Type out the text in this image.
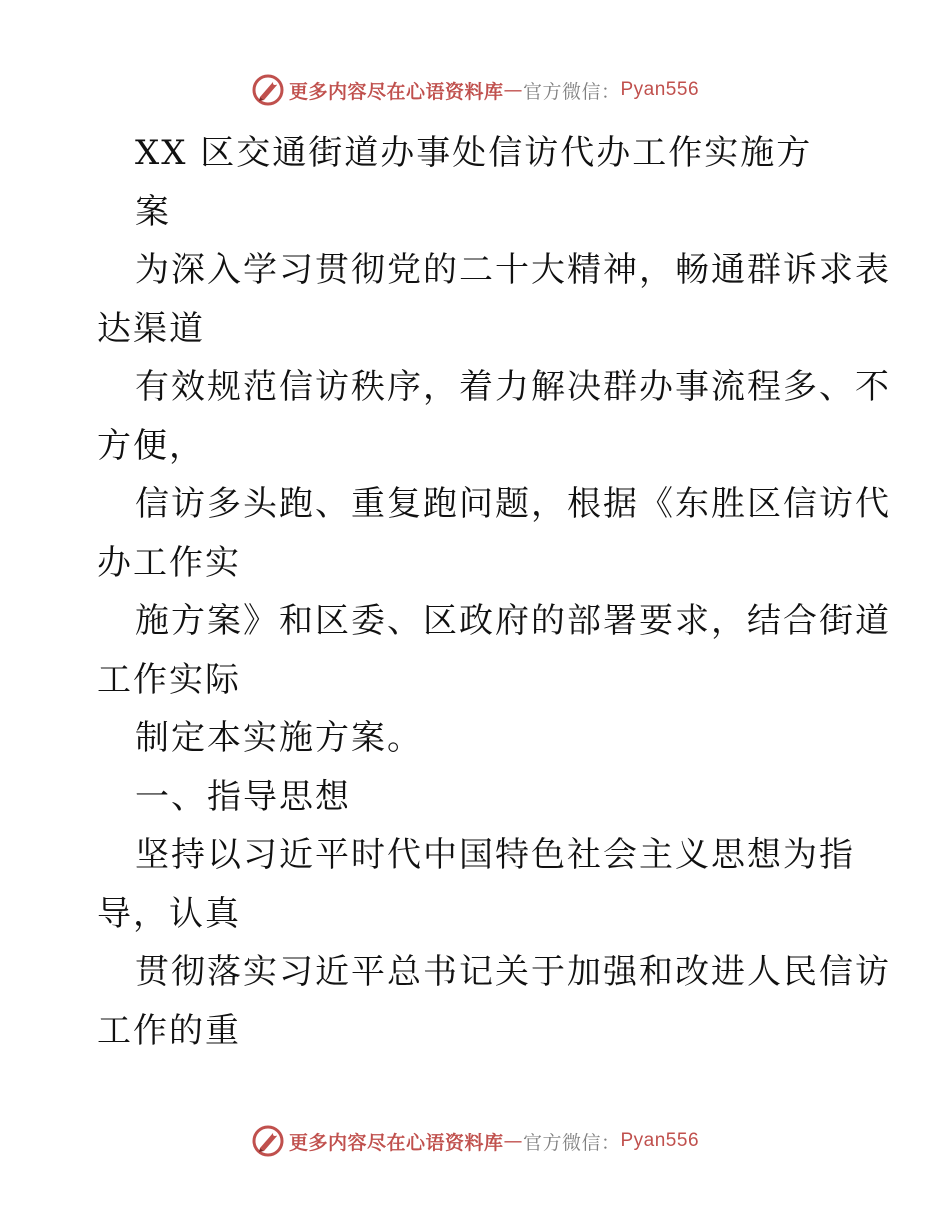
更多内容尽在心语资料库 — 官方微信： Pyan556
XX 区交通街道办事处信访代办工作实施方
案
为深入学习贯彻党的二十大精神，畅通群诉求表
达渠道
有效规范信访秩序，着力解决群办事流程多、不
方便，
信访多头跑、重复跑问题，根据《东胜区信访代
办工作实
施方案》和区委、区政府的部署要求，结合街道
工作实际
制定本实施方案。
一、指导思想
坚持以习近平时代中国特色社会主义思想为指
导，认真
贯彻落实习近平总书记关于加强和改进人民信访
工作的重
更多内容尽在心语资料库 — 官方微信： Pyan556
